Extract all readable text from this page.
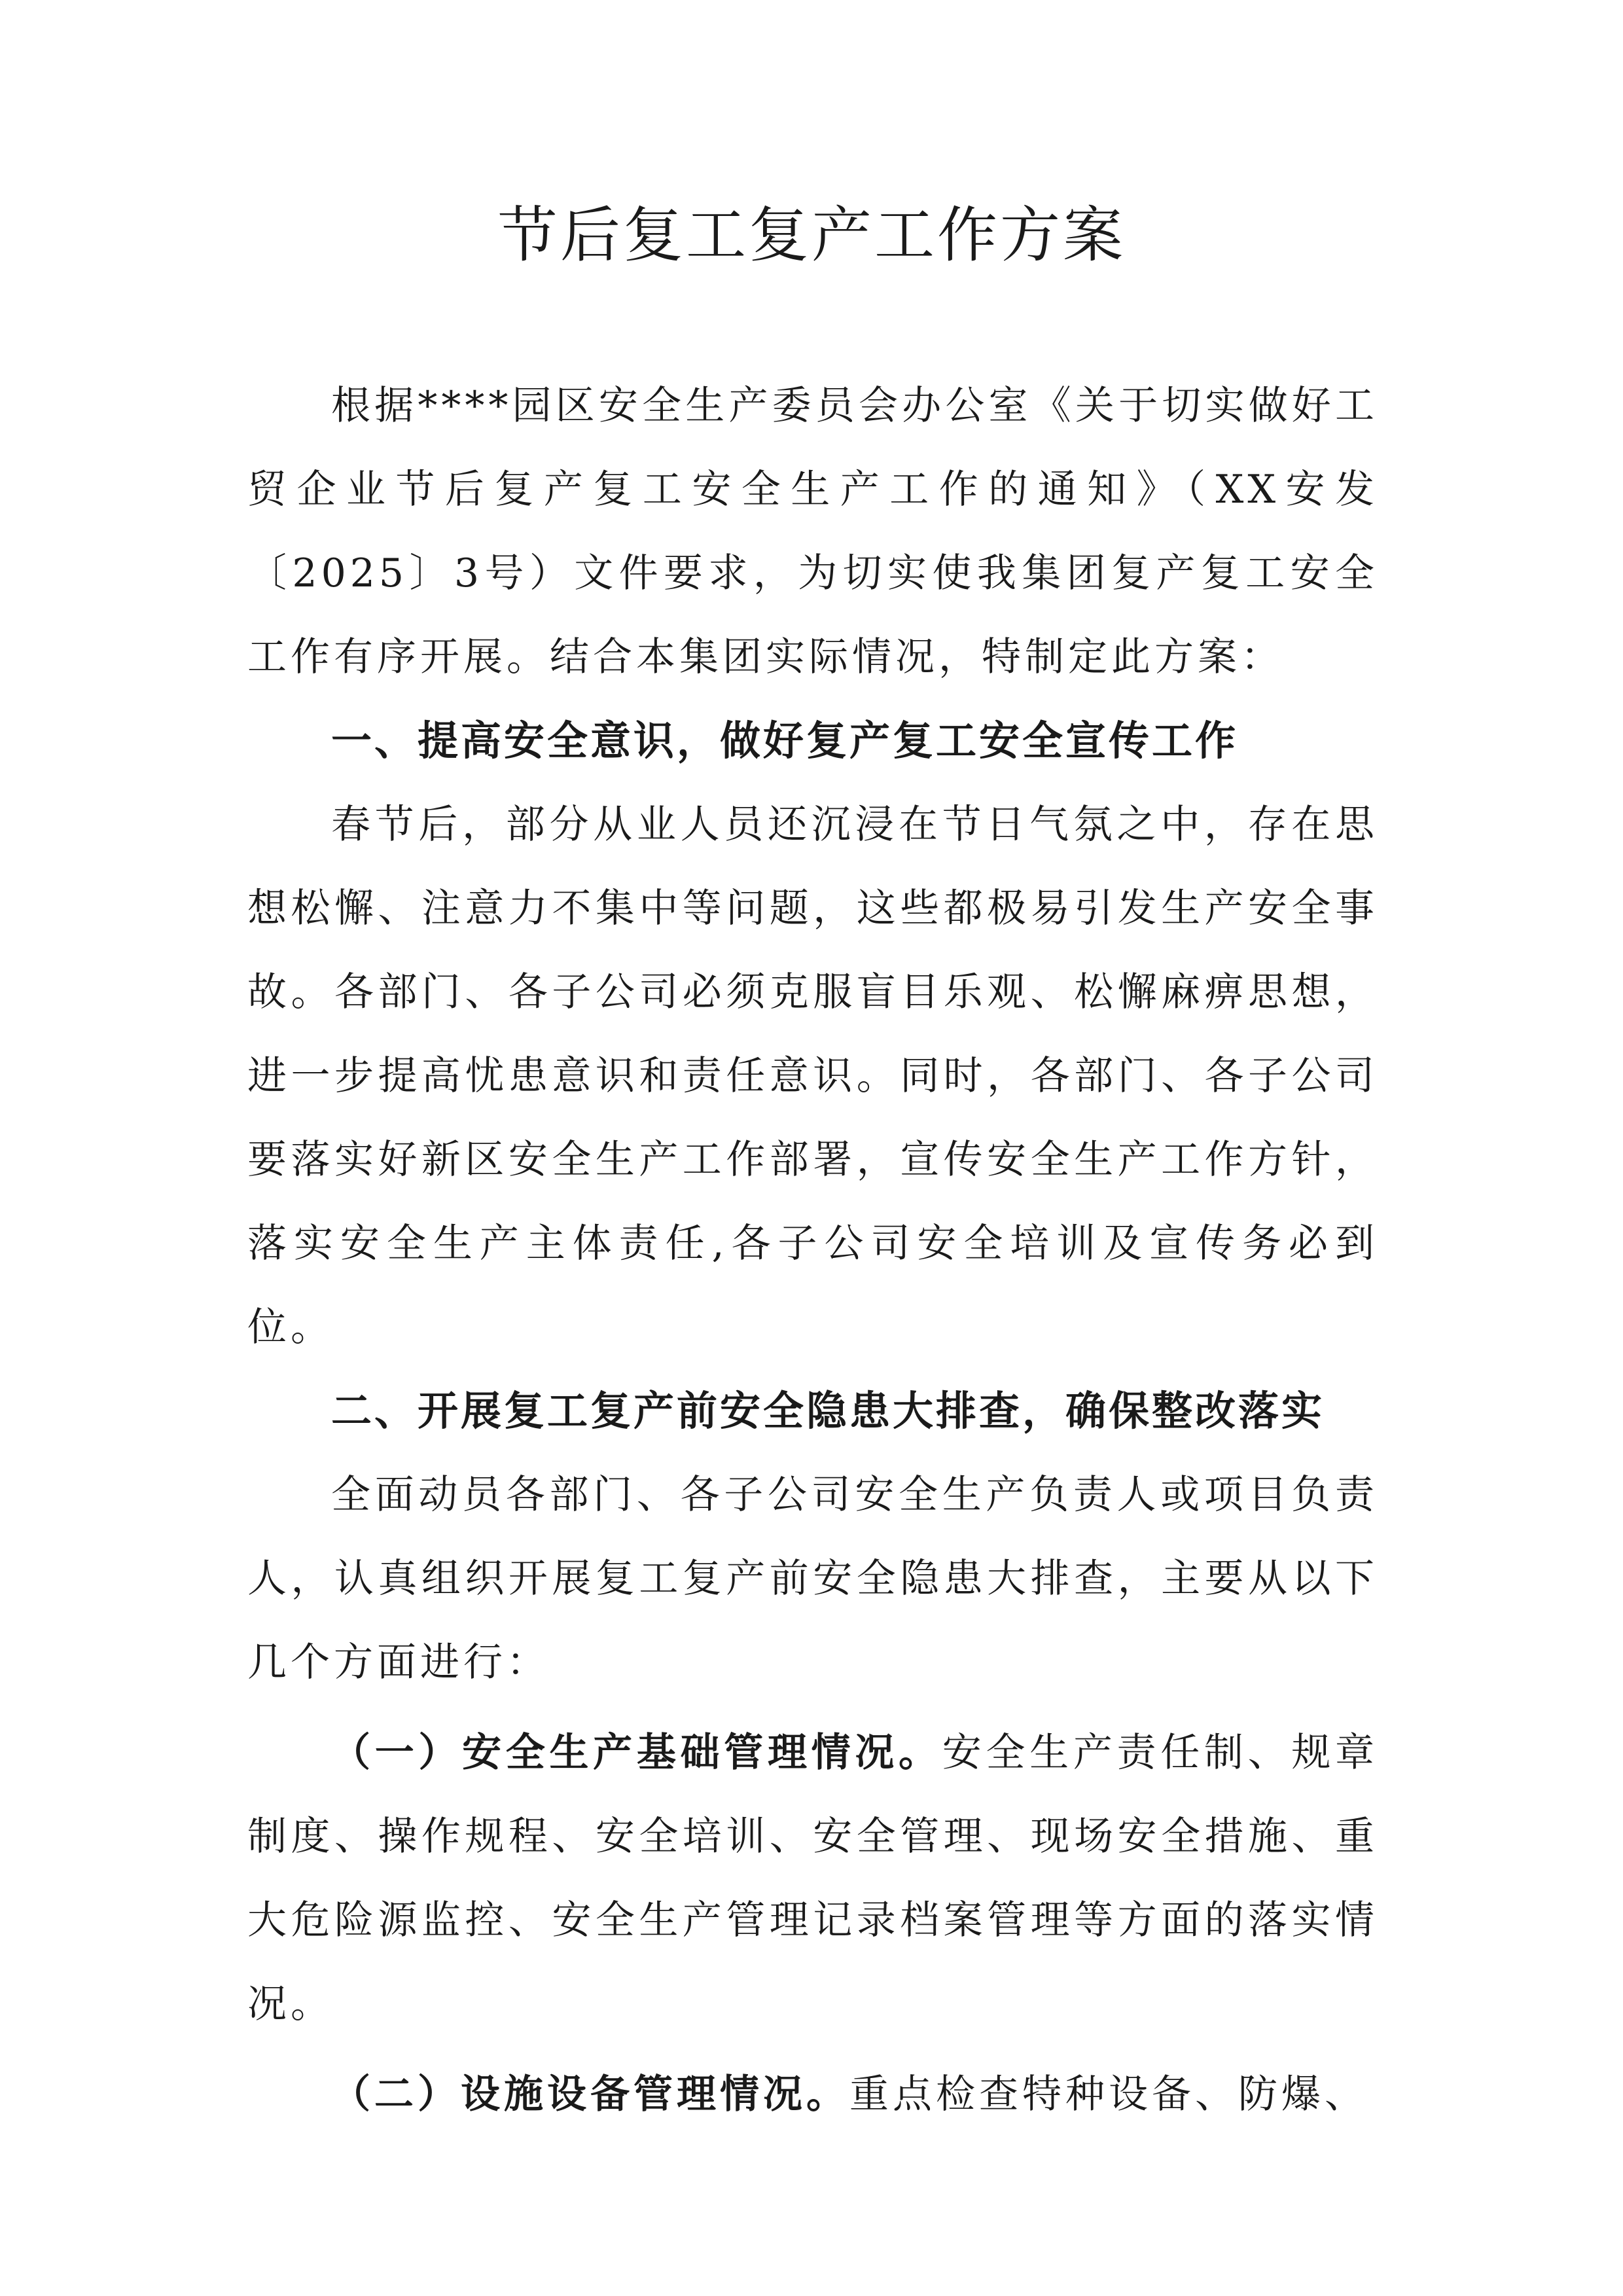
节后复工复产工作方案

根据****园区安全生产委员会办公室《关于切实做好工贸企业节后复产复工安全生产工作的通知》（XX安发〔2025〕3号）文件要求，为切实使我集团复产复工安全工作有序开展。结合本集团实际情况，特制定此方案：

一、提高安全意识，做好复产复工安全宣传工作

春节后，部分从业人员还沉浸在节日气氛之中，存在思想松懈、注意力不集中等问题，这些都极易引发生产安全事故。各部门、各子公司必须克服盲目乐观、松懈麻痹思想，进一步提高忧患意识和责任意识。同时，各部门、各子公司要落实好新区安全生产工作部署，宣传安全生产工作方针，落实安全生产主体责任,各子公司安全培训及宣传务必到位。

二、开展复工复产前安全隐患大排查，确保整改落实

全面动员各部门、各子公司安全生产负责人或项目负责人，认真组织开展复工复产前安全隐患大排查，主要从以下几个方面进行：

（一）安全生产基础管理情况。安全生产责任制、规章制度、操作规程、安全培训、安全管理、现场安全措施、重大危险源监控、安全生产管理记录档案管理等方面的落实情况。

（二）设施设备管理情况。重点检查特种设备、防爆、
